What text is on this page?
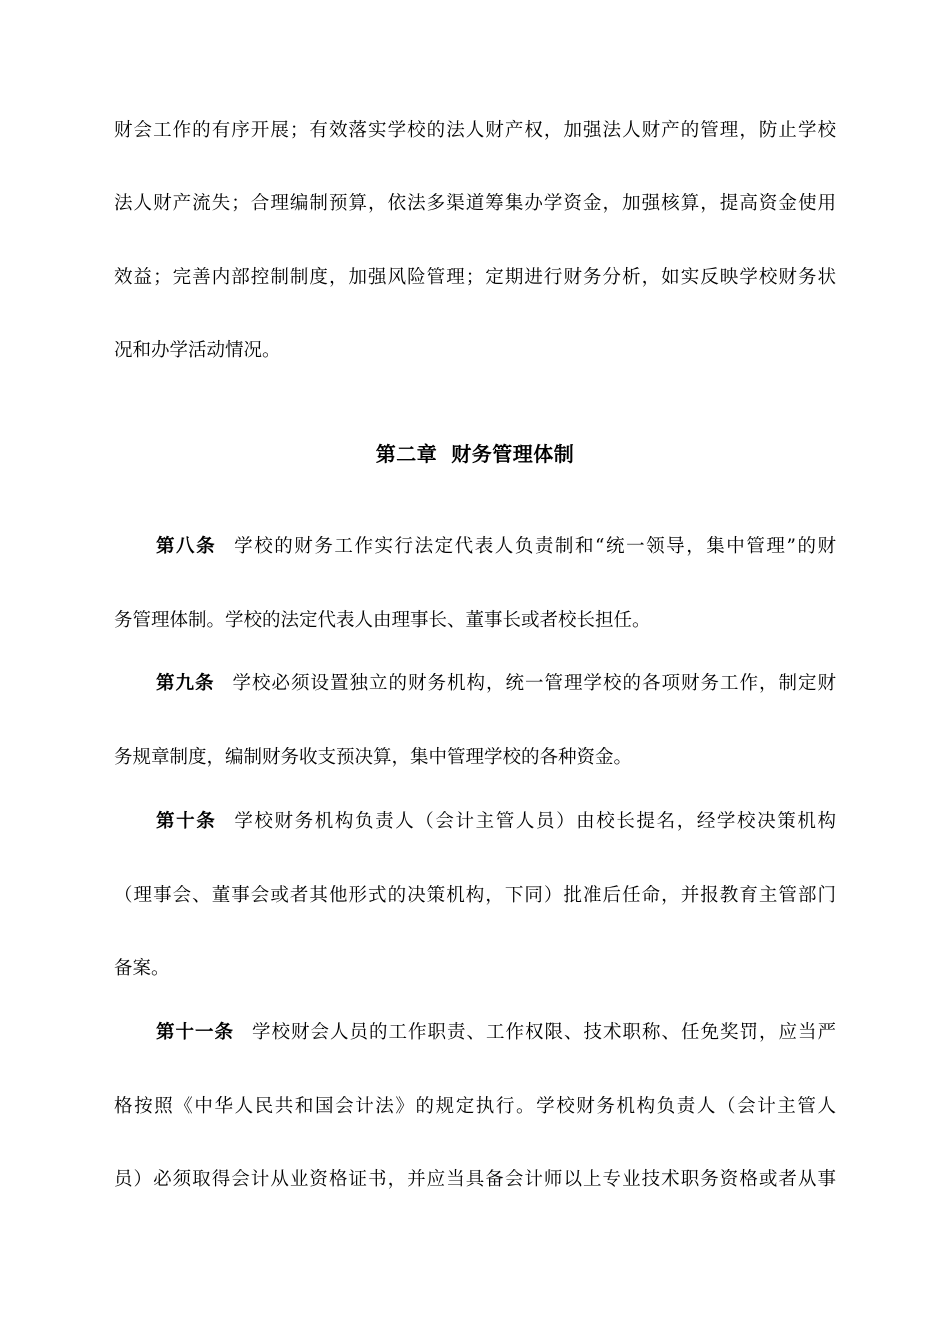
财会工作的有序开展；有效落实学校的法人财产权，加强法人财产的管理，防止学校
法人财产流失；合理编制预算，依法多渠道筹集办学资金，加强核算，提高资金使用
效益；完善内部控制制度，加强风险管理；定期进行财务分析，如实反映学校财务状
况和办学活动情况。
第二章 财务管理体制
第八条 学校的财务工作实行法定代表人负责制和“统一领导，集中管理”的财
务管理体制。学校的法定代表人由理事长、董事长或者校长担任。
第九条 学校必须设置独立的财务机构，统一管理学校的各项财务工作，制定财
务规章制度，编制财务收支预决算，集中管理学校的各种资金。
第十条 学校财务机构负责人（会计主管人员）由校长提名，经学校决策机构
（理事会、董事会或者其他形式的决策机构，下同）批准后任命，并报教育主管部门
备案。
第十一条 学校财会人员的工作职责、工作权限、技术职称、任免奖罚，应当严
格按照《中华人民共和国会计法》的规定执行。学校财务机构负责人（会计主管人
员）必须取得会计从业资格证书，并应当具备会计师以上专业技术职务资格或者从事
